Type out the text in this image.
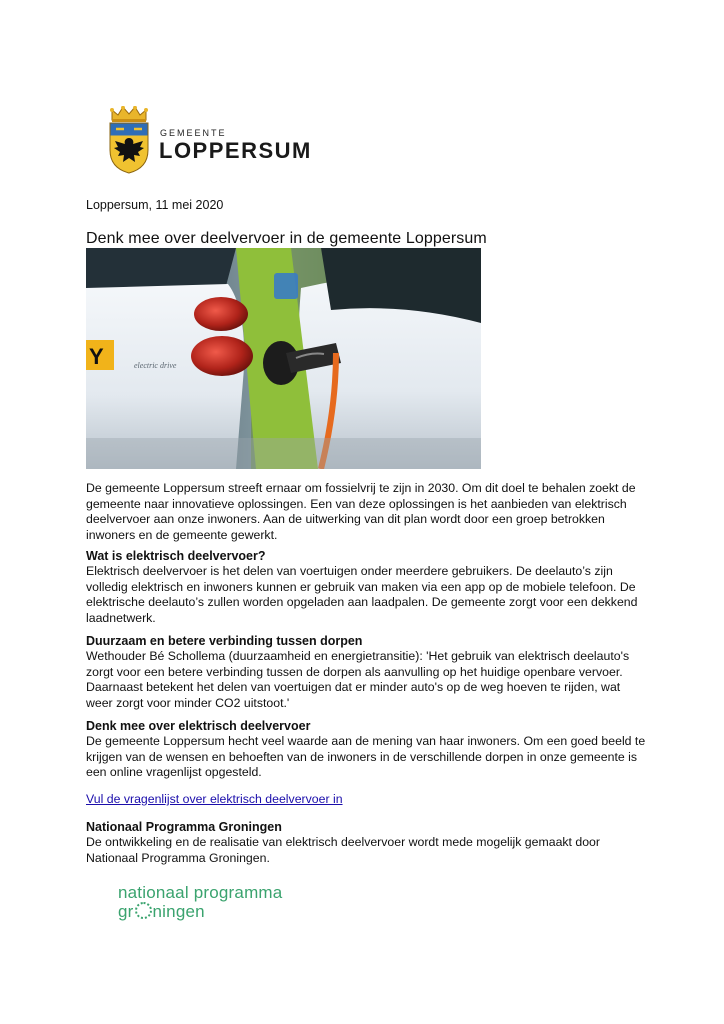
GEMEENTE
LOPPERSUM
Loppersum, 11 mei 2020
Denk mee over deelvervoer in de gemeente Loppersum
Y	electric drive

De gemeente Loppersum streeft ernaar om fossielvrij te zijn in 2030. Om dit doel te behalen zoekt de gemeente naar innovatieve oplossingen. Een van deze oplossingen is het aanbieden van elektrisch deelvervoer aan onze inwoners. Aan de uitwerking van dit plan wordt door een groep betrokken inwoners en de gemeente gewerkt.

Wat is elektrisch deelvervoer?

Elektrisch deelvervoer is het delen van voertuigen onder meerdere gebruikers. De deelauto’s zijn volledig elektrisch en inwoners kunnen er gebruik van maken via een app op de mobiele telefoon. De elektrische deelauto’s zullen worden opgeladen aan laadpalen. De gemeente zorgt voor een dekkend laadnetwerk.

Duurzaam en betere verbinding tussen dorpen

Wethouder Bé Schollema (duurzaamheid en energietransitie): 'Het gebruik van elektrisch deelauto's zorgt voor een betere verbinding tussen de dorpen als aanvulling op het huidige openbare vervoer. Daarnaast betekent het delen van voertuigen dat er minder auto's op de weg hoeven te rijden, wat weer zorgt voor minder CO2 uitstoot.'

Denk mee over elektrisch deelvervoer

De gemeente Loppersum hecht veel waarde aan de mening van haar inwoners. Om een goed beeld te krijgen van de wensen en behoeften van de inwoners in de verschillende dorpen in onze gemeente is een online vragenlijst opgesteld.

Vul de vragenlijst over elektrisch deelvervoer in
Nationaal Programma Groningen

De ontwikkeling en de realisatie van elektrisch deelvervoer wordt mede mogelijk gemaakt door Nationaal Programma Groningen.

nationaal programma
gr ningen
